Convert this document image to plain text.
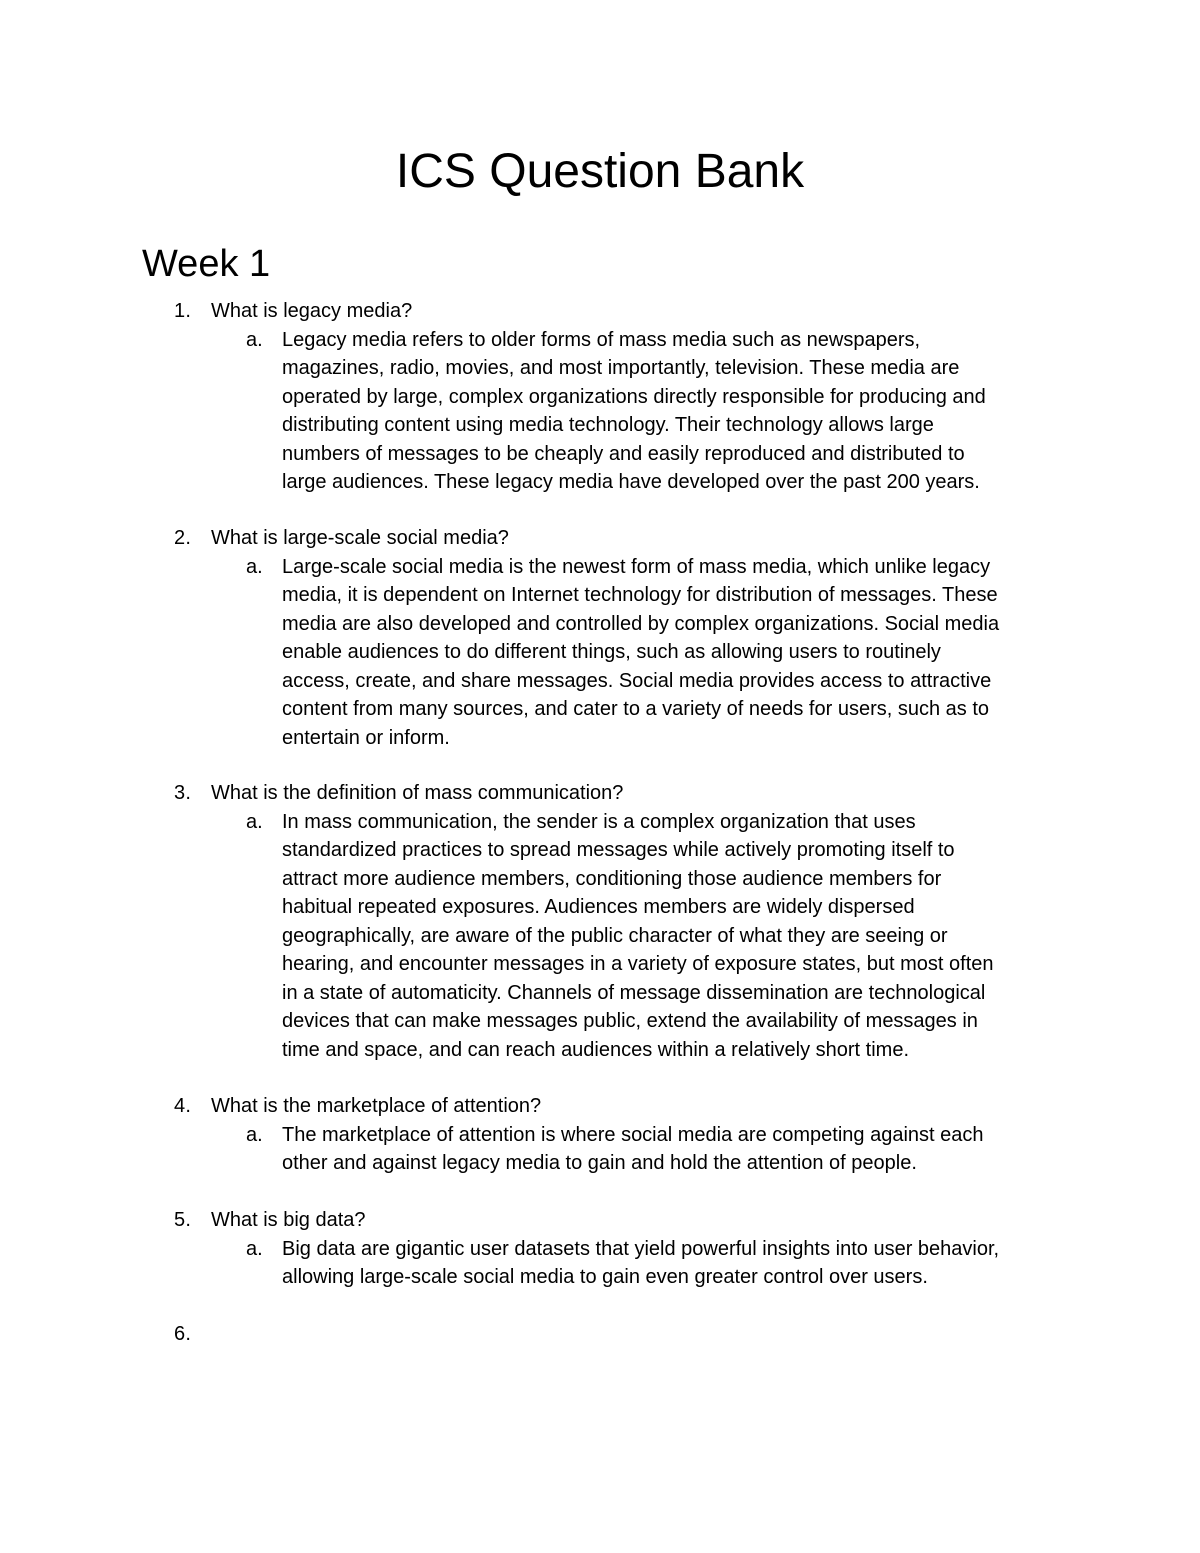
ICS Question Bank
Week 1
1. What is legacy media?
a. Legacy media refers to older forms of mass media such as newspapers,
magazines, radio, movies, and most importantly, television. These media are
operated by large, complex organizations directly responsible for producing and
distributing content using media technology. Their technology allows large
numbers of messages to be cheaply and easily reproduced and distributed to
large audiences. These legacy media have developed over the past 200 years.
2. What is large-scale social media?
a. Large-scale social media is the newest form of mass media, which unlike legacy
media, it is dependent on Internet technology for distribution of messages. These
media are also developed and controlled by complex organizations. Social media
enable audiences to do different things, such as allowing users to routinely
access, create, and share messages. Social media provides access to attractive
content from many sources, and cater to a variety of needs for users, such as to
entertain or inform.
3. What is the definition of mass communication?
a. In mass communication, the sender is a complex organization that uses
standardized practices to spread messages while actively promoting itself to
attract more audience members, conditioning those audience members for
habitual repeated exposures. Audiences members are widely dispersed
geographically, are aware of the public character of what they are seeing or
hearing, and encounter messages in a variety of exposure states, but most often
in a state of automaticity. Channels of message dissemination are technological
devices that can make messages public, extend the availability of messages in
time and space, and can reach audiences within a relatively short time.
4. What is the marketplace of attention?
a. The marketplace of attention is where social media are competing against each
other and against legacy media to gain and hold the attention of people.
5. What is big data?
a. Big data are gigantic user datasets that yield powerful insights into user behavior,
allowing large-scale social media to gain even greater control over users.
6.
